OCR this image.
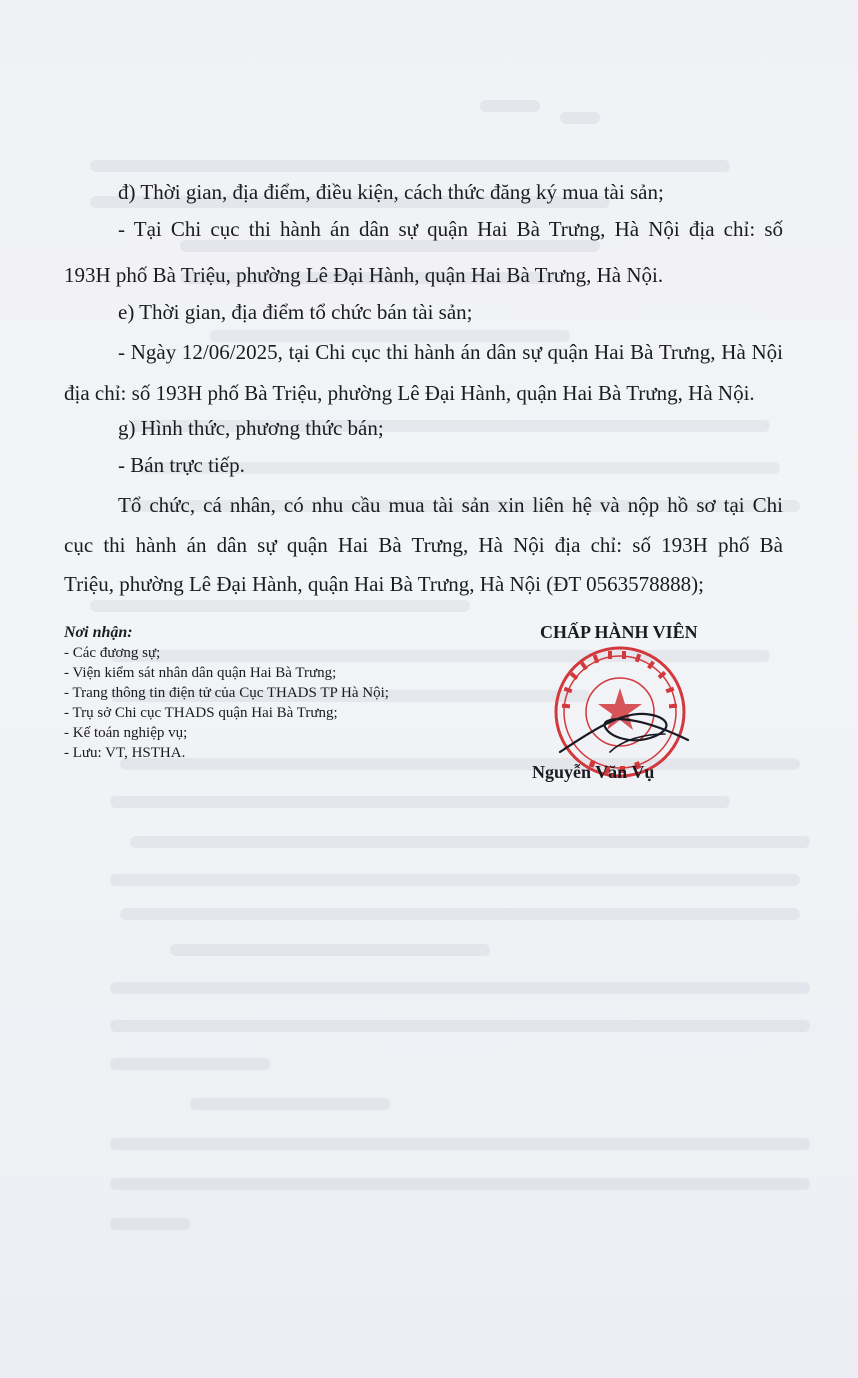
đ) Thời gian, địa điểm, điều kiện, cách thức đăng ký mua tài sản;

- Tại Chi cục thi hành án dân sự quận Hai Bà Trưng, Hà Nội địa chỉ: số

193H phố Bà Triệu, phường Lê Đại Hành, quận Hai Bà Trưng, Hà Nội.

e) Thời gian, địa điểm tổ chức bán tài sản;

- Ngày 12/06/2025, tại Chi cục thi hành án dân sự quận Hai Bà Trưng, Hà Nội

địa chỉ: số 193H phố Bà Triệu, phường Lê Đại Hành, quận Hai Bà Trưng, Hà Nội.

g) Hình thức, phương thức bán;

- Bán trực tiếp.

Tổ chức, cá nhân, có nhu cầu mua tài sản xin liên hệ và nộp hồ sơ tại Chi

cục thi hành án dân sự quận Hai Bà Trưng, Hà Nội địa chỉ: số 193H phố Bà

Triệu, phường Lê Đại Hành, quận Hai Bà Trưng, Hà Nội (ĐT 0563578888);

Nơi nhận:
- Các đương sự;
- Viện kiểm sát nhân dân quận Hai Bà Trưng;
- Trang thông tin điện tử của Cục THADS TP Hà Nội;
- Trụ sở Chi cục THADS quận Hai Bà Trưng;
- Kế toán nghiệp vụ;
- Lưu: VT, HSTHA.
CHẤP HÀNH VIÊN
Nguyễn Văn Vụ
